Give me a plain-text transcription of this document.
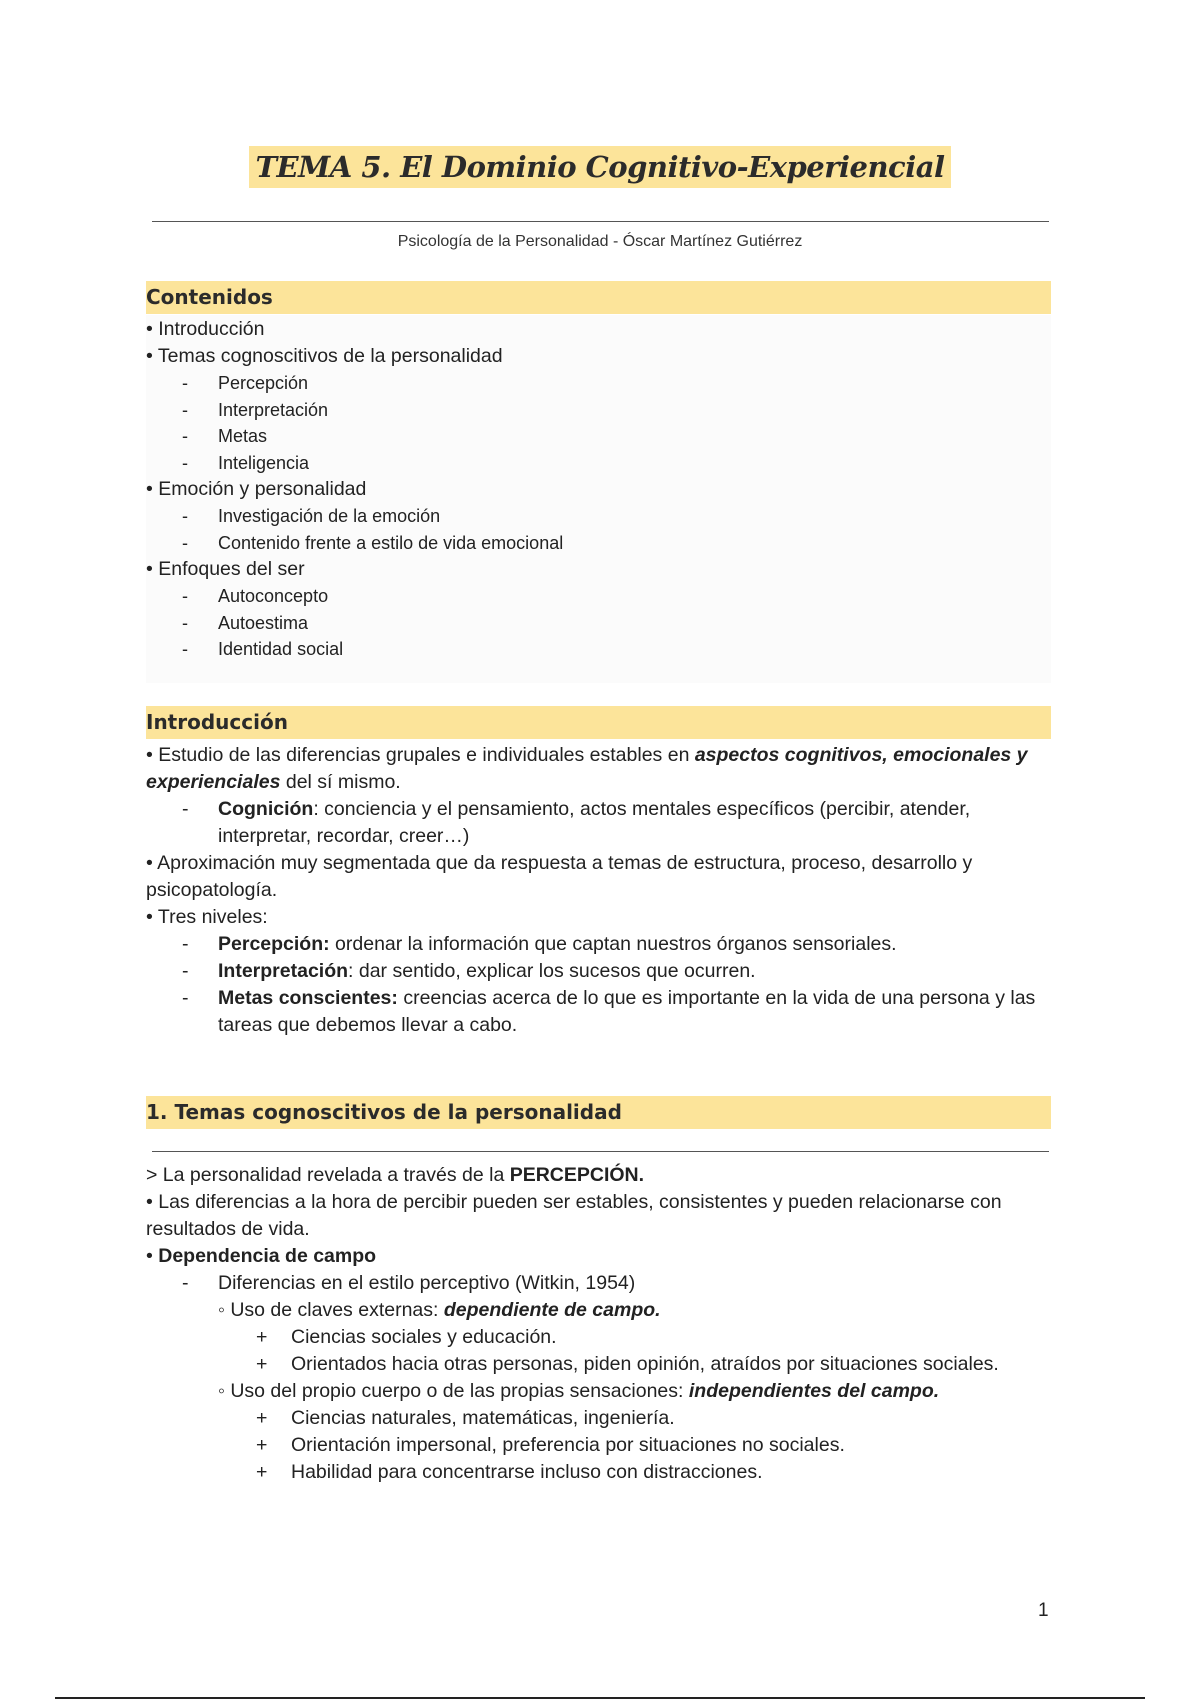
TEMA 5. El Dominio Cognitivo-Experiencial
Psicología de la Personalidad - Óscar Martínez Gutiérrez
Contenidos

• Introducción

• Temas cognoscitivos de la personalidad

- Percepción

- Interpretación

- Metas

- Inteligencia

• Emoción y personalidad

- Investigación de la emoción

- Contenido frente a estilo de vida emocional

• Enfoques del ser

- Autoconcepto

- Autoestima

- Identidad social

Introducción

• Estudio de las diferencias grupales e individuales estables en aspectos cognitivos, emocionales y experienciales del sí mismo.

- Cognición: conciencia y el pensamiento, actos mentales específicos (percibir, atender, interpretar, recordar, creer…)

• Aproximación muy segmentada que da respuesta a temas de estructura, proceso, desarrollo y psicopatología.

• Tres niveles:

- Percepción: ordenar la información que captan nuestros órganos sensoriales.

- Interpretación: dar sentido, explicar los sucesos que ocurren.

- Metas conscientes: creencias acerca de lo que es importante en la vida de una persona y las tareas que debemos llevar a cabo.

1. Temas cognoscitivos de la personalidad

> La personalidad revelada a través de la PERCEPCIÓN.

• Las diferencias a la hora de percibir pueden ser estables, consistentes y pueden relacionarse con resultados de vida.

• Dependencia de campo

- Diferencias en el estilo perceptivo (Witkin, 1954)

◦ Uso de claves externas: dependiente de campo.

+ Ciencias sociales y educación.

+ Orientados hacia otras personas, piden opinión, atraídos por situaciones sociales.

◦ Uso del propio cuerpo o de las propias sensaciones: independientes del campo.

+ Ciencias naturales, matemáticas, ingeniería.

+ Orientación impersonal, preferencia por situaciones no sociales.

+ Habilidad para concentrarse incluso con distracciones.

1
